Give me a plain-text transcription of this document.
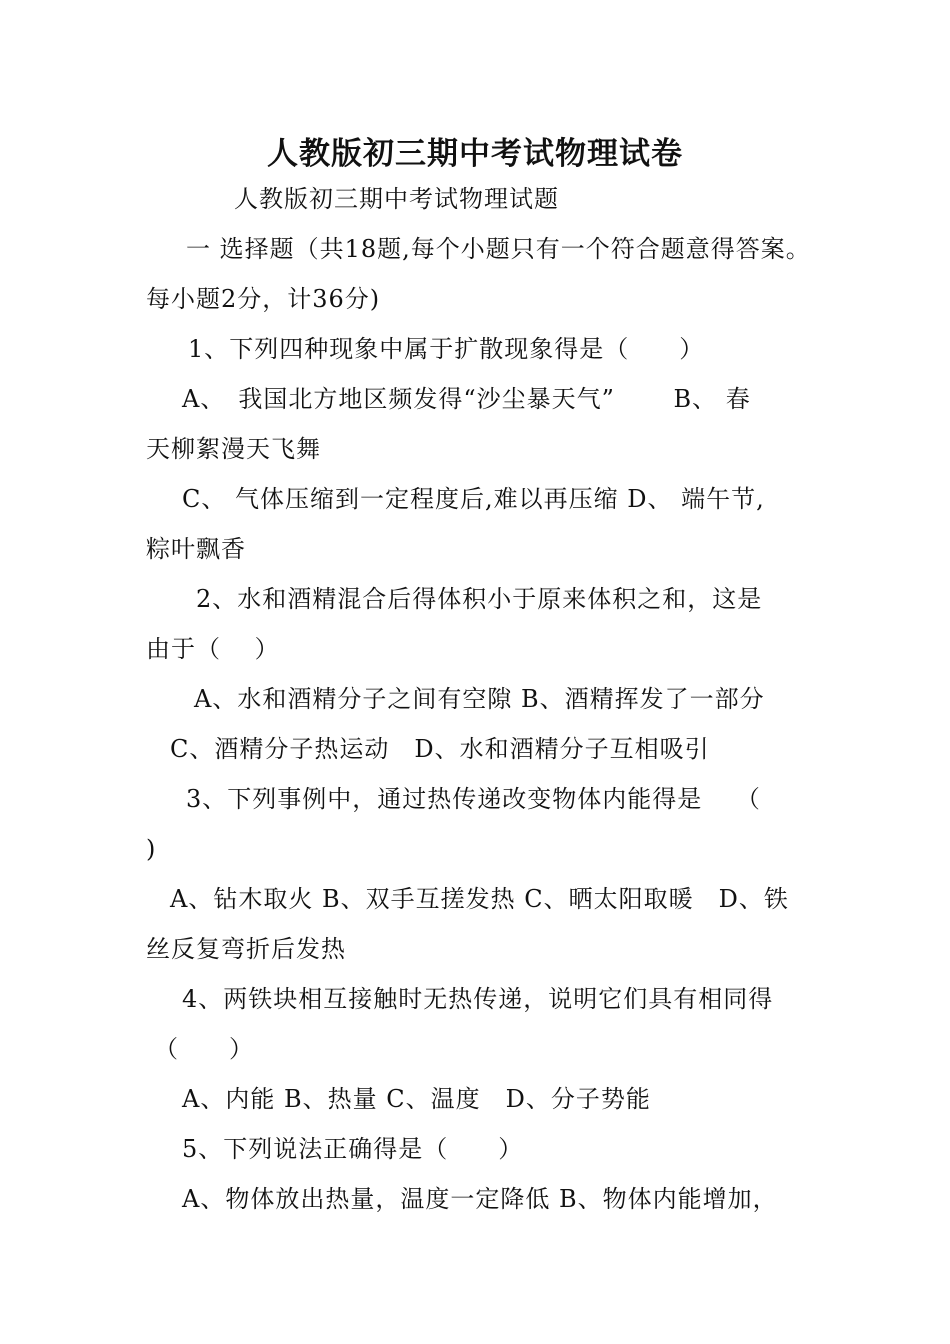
人教版初三期中考试物理试卷
人教版初三期中考试物理试题
一 选择题（共18题,每个小题只有一个符合题意得答案。
每小题2分，计36分)
1、下列四种现象中属于扩散现象得是（　　）
A、　我国北方地区频发得“沙尘暴天气”　　 B、 春
天柳絮漫天飞舞
C、 气体压缩到一定程度后,难以再压缩 D、 端午节,
粽叶飘香
2、水和酒精混合后得体积小于原来体积之和，这是
由于（　 ）
A、水和酒精分子之间有空隙 B、酒精挥发了一部分
C、酒精分子热运动　D、水和酒精分子互相吸引
3、下列事例中，通过热传递改变物体内能得是　 （
)
A、钻木取火 B、双手互搓发热 C、晒太阳取暖　D、铁
丝反复弯折后发热
4、两铁块相互接触时无热传递，说明它们具有相同得
（　　）
A、内能 B、热量 C、温度　D、分子势能
5、下列说法正确得是（　　）
A、物体放出热量，温度一定降低 B、物体内能增加，
